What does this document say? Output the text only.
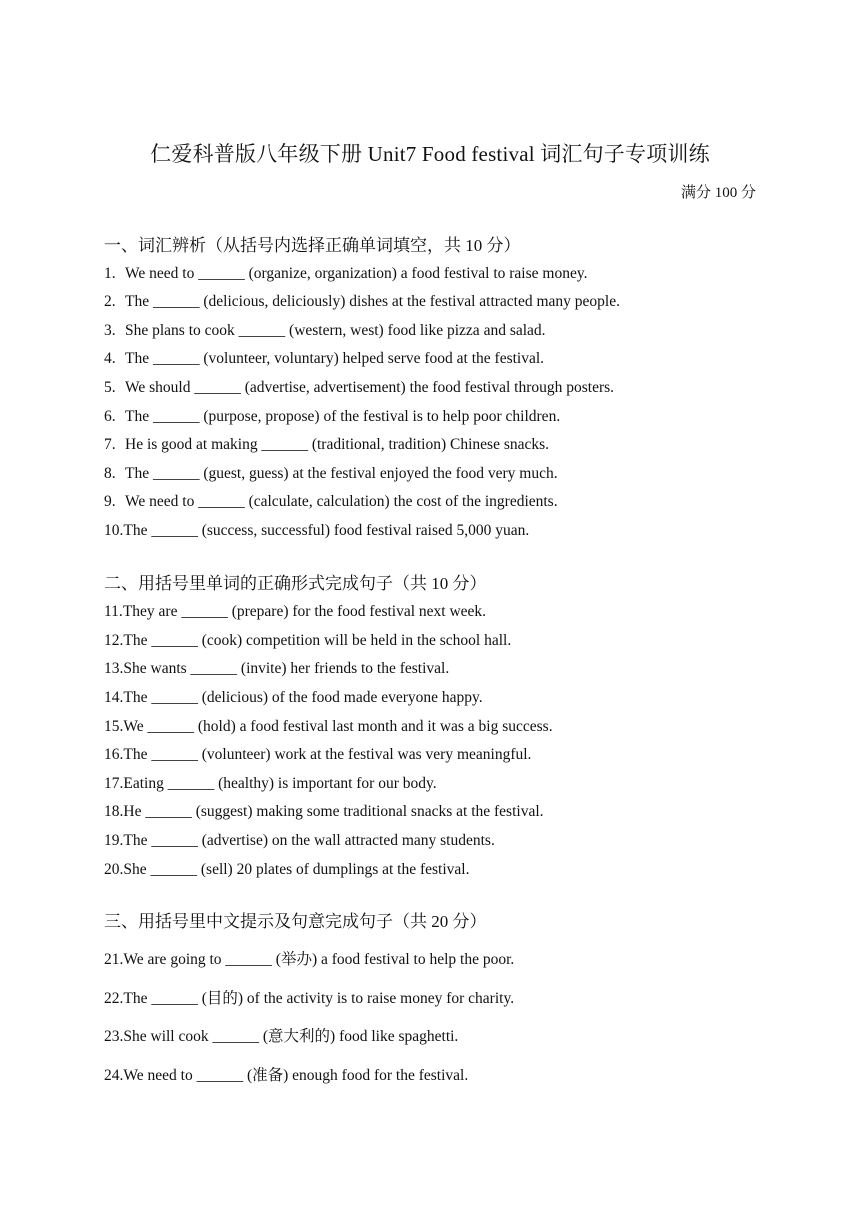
仁爱科普版八年级下册 Unit7 Food festival 词汇句子专项训练
满分 100 分
一、词汇辨析（从括号内选择正确单词填空，共 10 分）
1. We need to ______ (organize, organization) a food festival to raise money.
2. The ______ (delicious, deliciously) dishes at the festival attracted many people.
3. She plans to cook ______ (western, west) food like pizza and salad.
4. The ______ (volunteer, voluntary) helped serve food at the festival.
5. We should ______ (advertise, advertisement) the food festival through posters.
6. The ______ (purpose, propose) of the festival is to help poor children.
7. He is good at making ______ (traditional, tradition) Chinese snacks.
8. The ______ (guest, guess) at the festival enjoyed the food very much.
9. We need to ______ (calculate, calculation) the cost of the ingredients.
10.The ______ (success, successful) food festival raised 5,000 yuan.
二、用括号里单词的正确形式完成句子（共 10 分）
11.They are ______ (prepare) for the food festival next week.
12.The ______ (cook) competition will be held in the school hall.
13.She wants ______ (invite) her friends to the festival.
14.The ______ (delicious) of the food made everyone happy.
15.We ______ (hold) a food festival last month and it was a big success.
16.The ______ (volunteer) work at the festival was very meaningful.
17.Eating ______ (healthy) is important for our body.
18.He ______ (suggest) making some traditional snacks at the festival.
19.The ______ (advertise) on the wall attracted many students.
20.She ______ (sell) 20 plates of dumplings at the festival.
三、用括号里中文提示及句意完成句子（共 20 分）
21.We are going to ______ (举办) a food festival to help the poor.
22.The ______ (目的) of the activity is to raise money for charity.
23.She will cook ______ (意大利的) food like spaghetti.
24.We need to ______ (准备) enough food for the festival.
